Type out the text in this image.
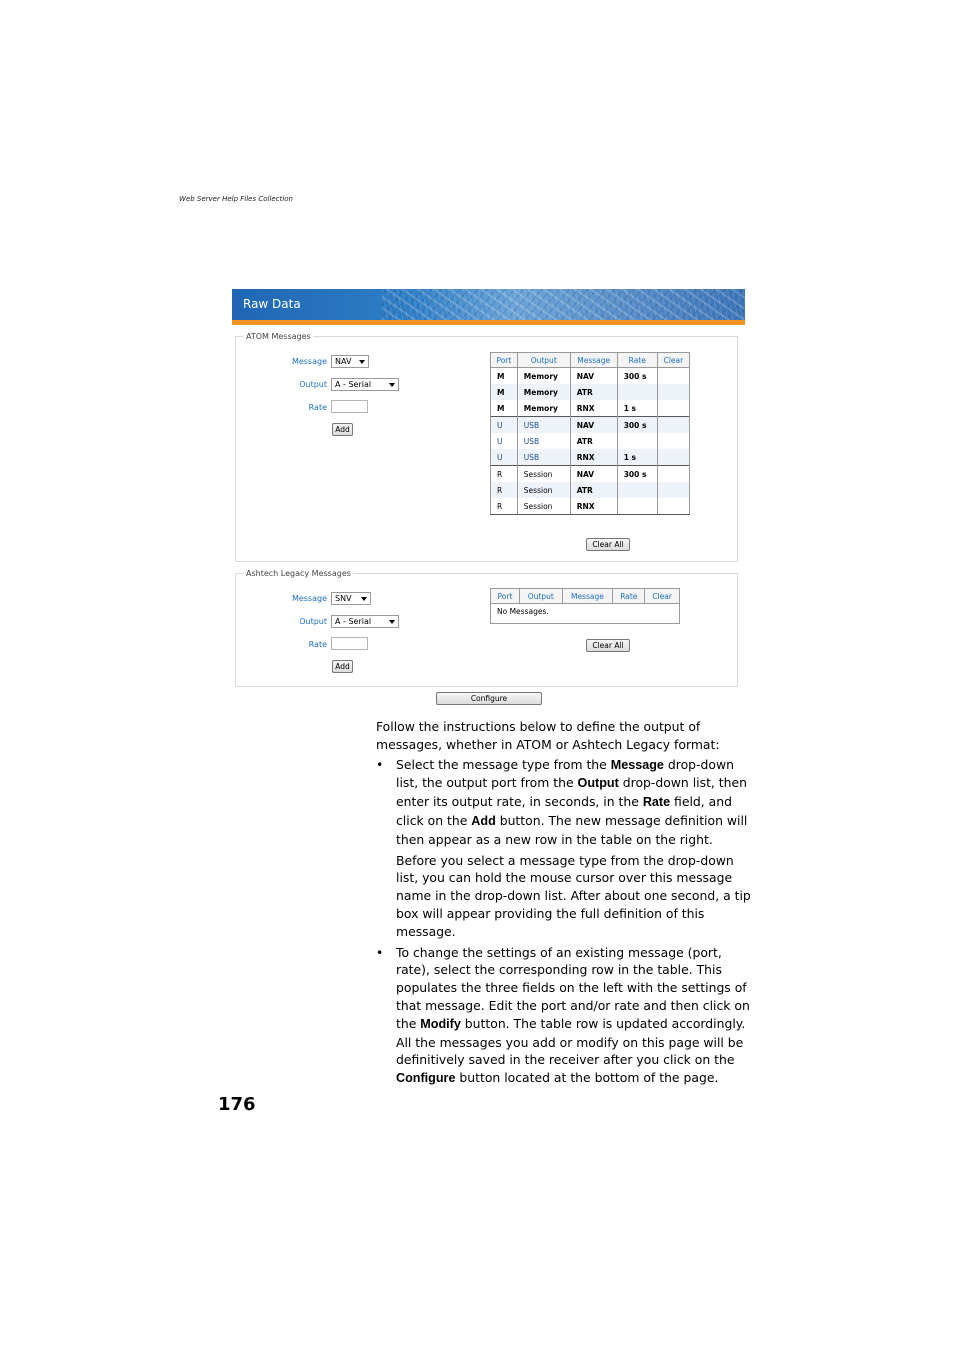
Web Server Help Files Collection
Raw Data
ATOM Messages
Message	NAV
Output	A - Serial
Rate
Add
Port	Output	Message	Rate	Clear
M	Memory	NAV	300 s	
M	Memory	ATR		
M	Memory	RNX	1 s	
U	USB	NAV	300 s	
U	USB	ATR		
U	USB	RNX	1 s	
R	Session	NAV	300 s	
R	Session	ATR		
R	Session	RNX		
Clear All
Ashtech Legacy Messages
Message	SNV
Output	A - Serial
Rate
Add
Port	Output	Message	Rate	Clear
No Messages.
Clear All
Configure

Follow the instructions below to define the output of messages, whether in ATOM or Ashtech Legacy format:

• Select the message type from the Message drop-down list, the output port from the Output drop-down list, then enter its output rate, in seconds, in the Rate field, and click on the Add button. The new message definition will then appear as a new row in the table on the right.

Before you select a message type from the drop-down list, you can hold the mouse cursor over this message name in the drop-down list. After about one second, a tip box will appear providing the full definition of this message.

• To change the settings of an existing message (port, rate), select the corresponding row in the table. This populates the three fields on the left with the settings of that message. Edit the port and/or rate and then click on the Modify button. The table row is updated accordingly. All the messages you add or modify on this page will be definitively saved in the receiver after you click on the Configure button located at the bottom of the page.
176
